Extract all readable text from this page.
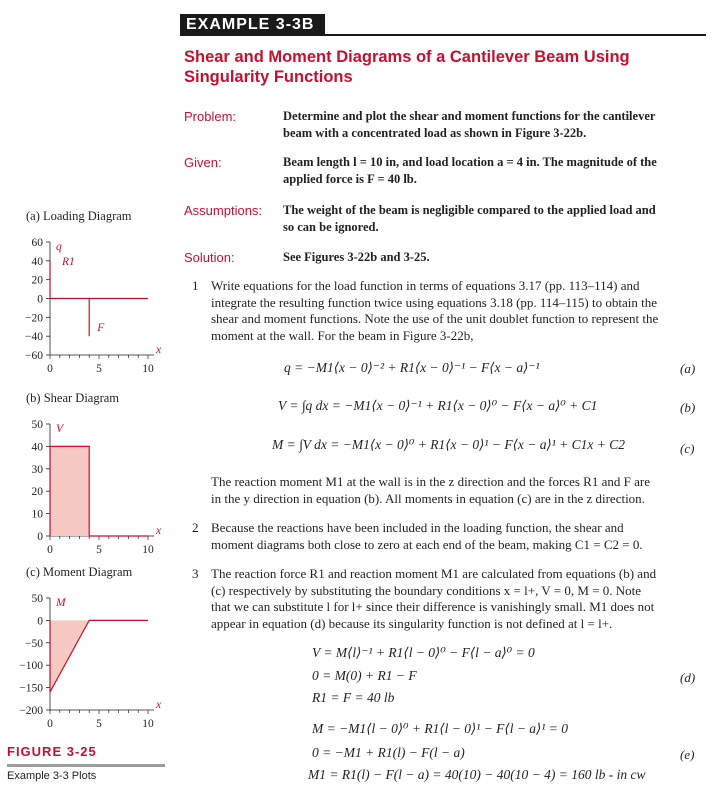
EXAMPLE 3-3B
Shear and Moment Diagrams of a Cantilever Beam Using
Singularity Functions
Problem:	Determine and plot the shear and moment functions for the cantilever
beam with a concentrated load as shown in Figure 3-22b.
Given:	Beam length l = 10 in, and load location a = 4 in. The magnitude of the
applied force is F = 40 lb.
Assumptions: The weight of the beam is negligible compared to the applied load and
so can be ignored.
Solution:	See Figures 3-22b and 3-25.
1 Write equations for the load function in terms of equations 3.17 (pp. 113–114) and
integrate the resulting function twice using equations 3.18 (pp. 114–115) to obtain the
shear and moment functions. Note the use of the unit doublet function to represent the
moment at the wall. For the beam in Figure 3-22b,
q = −M1⟨x − 0⟩⁻² + R1⟨x − 0⟩⁻¹ − F⟨x − a⟩⁻¹	(a)
V = ∫q dx = −M1⟨x − 0⟩⁻¹ + R1⟨x − 0⟩⁰ − F⟨x − a⟩⁰ + C1	(b)
M = ∫V dx = −M1⟨x − 0⟩⁰ + R1⟨x − 0⟩¹ − F⟨x − a⟩¹ + C1x + C2	(c)
The reaction moment M1 at the wall is in the z direction and the forces R1 and F are
in the y direction in equation (b). All moments in equation (c) are in the z direction.
2 Because the reactions have been included in the loading function, the shear and
moment diagrams both close to zero at each end of the beam, making C1 = C2 = 0.
3 The reaction force R1 and reaction moment M1 are calculated from equations (b) and
(c) respectively by substituting the boundary conditions x = l+, V = 0, M = 0. Note
that we can substitute l for l+ since their difference is vanishingly small. M1 does not
appear in equation (d) because its singularity function is not defined at l = l+.
V = M⟨l⟩⁻¹ + R1⟨l − 0⟩⁰ − F⟨l − a⟩⁰ = 0
0 = M(0) + R1 − F
R1 = F = 40 lb
(d)
M = −M1⟨l − 0⟩⁰ + R1⟨l − 0⟩¹ − F⟨l − a⟩¹ = 0
0 = −M1 + R1(l) − F(l − a)
M1 = R1(l) − F(l − a) = 40(10) − 40(10 − 4) = 160 lb - in cw
(e)
(a) Loading Diagram
60
40
20
0
−20
−40
−60
q
0	5	10
x
R1
F
(b) Shear Diagram
50
40
30
20
10
0
V
0	5	10
x
(c) Moment Diagram
50
0
−50
−100
−150
−200
M
0	5	10
x
FIGURE 3-25
Example 3-3 Plots
